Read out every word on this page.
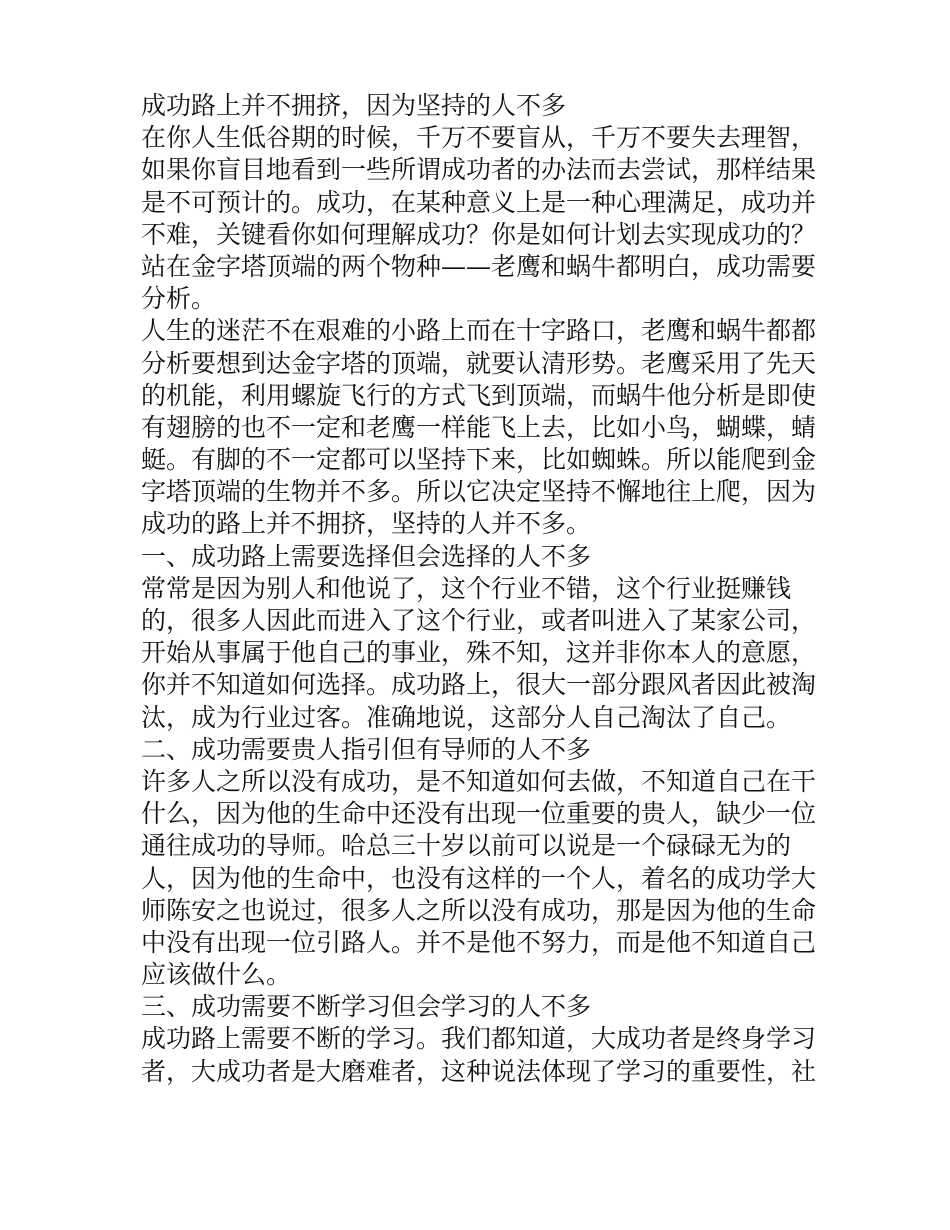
成功路上并不拥挤，因为坚持的人不多
在你人生低谷期的时候，千万不要盲从，千万不要失去理智，
如果你盲目地看到一些所谓成功者的办法而去尝试，那样结果
是不可预计的。成功，在某种意义上是一种心理满足，成功并
不难，关键看你如何理解成功？你是如何计划去实现成功的？
站在金字塔顶端的两个物种——老鹰和蜗牛都明白，成功需要
分析。
人生的迷茫不在艰难的小路上而在十字路口，老鹰和蜗牛都都
分析要想到达金字塔的顶端，就要认清形势。老鹰采用了先天
的机能，利用螺旋飞行的方式飞到顶端，而蜗牛他分析是即使
有翅膀的也不一定和老鹰一样能飞上去，比如小鸟，蝴蝶，蜻
蜓。有脚的不一定都可以坚持下来，比如蜘蛛。所以能爬到金
字塔顶端的生物并不多。所以它决定坚持不懈地往上爬，因为
成功的路上并不拥挤，坚持的人并不多。
一、成功路上需要选择但会选择的人不多
常常是因为别人和他说了，这个行业不错，这个行业挺赚钱
的，很多人因此而进入了这个行业，或者叫进入了某家公司，
开始从事属于他自己的事业，殊不知，这并非你本人的意愿，
你并不知道如何选择。成功路上，很大一部分跟风者因此被淘
汰，成为行业过客。准确地说，这部分人自己淘汰了自己。
二、成功需要贵人指引但有导师的人不多
许多人之所以没有成功，是不知道如何去做，不知道自己在干
什么，因为他的生命中还没有出现一位重要的贵人，缺少一位
通往成功的导师。哈总三十岁以前可以说是一个碌碌无为的
人，因为他的生命中，也没有这样的一个人，着名的成功学大
师陈安之也说过，很多人之所以没有成功，那是因为他的生命
中没有出现一位引路人。并不是他不努力，而是他不知道自己
应该做什么。
三、成功需要不断学习但会学习的人不多
成功路上需要不断的学习。我们都知道，大成功者是终身学习
者，大成功者是大磨难者，这种说法体现了学习的重要性，社
